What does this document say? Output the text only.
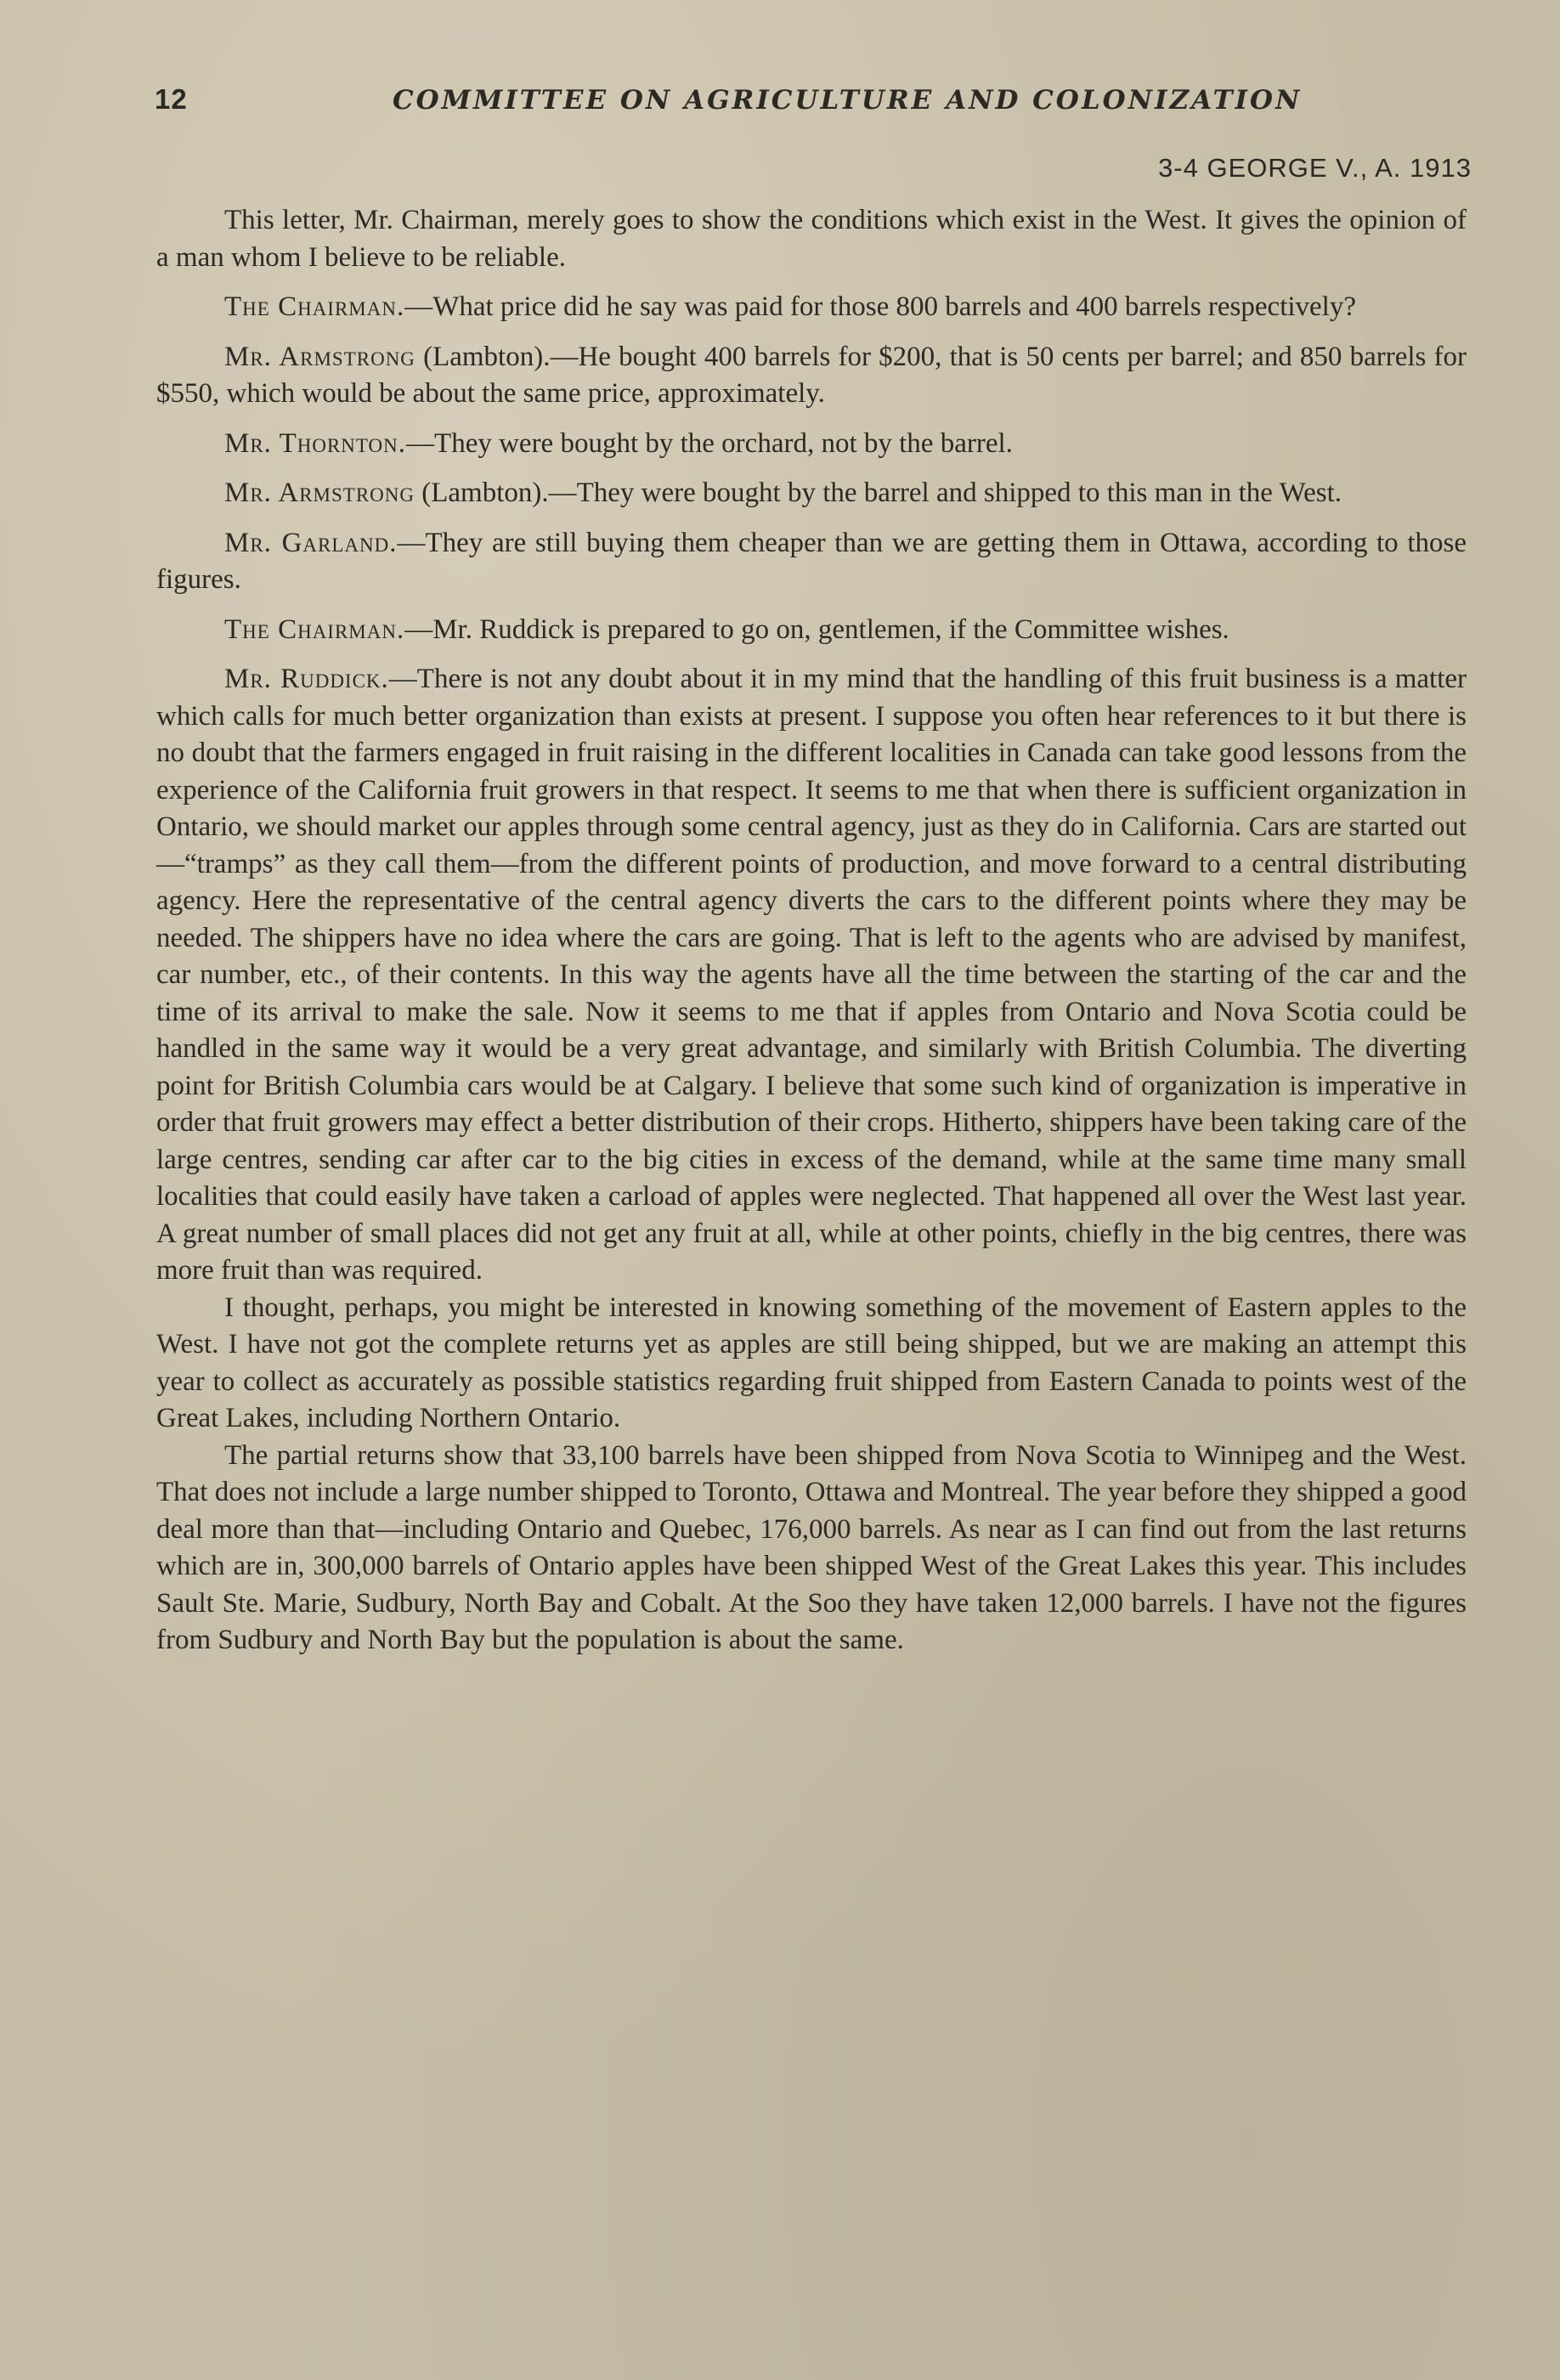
12	COMMITTEE ON AGRICULTURE AND COLONIZATION
3-4 GEORGE V., A. 1913

This letter, Mr. Chairman, merely goes to show the conditions which exist in the West. It gives the opinion of a man whom I believe to be reliable.

The Chairman.—What price did he say was paid for those 800 barrels and 400 barrels respectively?

Mr. Armstrong (Lambton).—He bought 400 barrels for $200, that is 50 cents per barrel; and 850 barrels for $550, which would be about the same price, approximately.

Mr. Thornton.—They were bought by the orchard, not by the barrel.

Mr. Armstrong (Lambton).—They were bought by the barrel and shipped to this man in the West.

Mr. Garland.—They are still buying them cheaper than we are getting them in Ottawa, according to those figures.

The Chairman.—Mr. Ruddick is prepared to go on, gentlemen, if the Committee wishes.

Mr. Ruddick.—There is not any doubt about it in my mind that the handling of this fruit business is a matter which calls for much better organization than exists at present. I suppose you often hear references to it but there is no doubt that the farmers engaged in fruit raising in the different localities in Canada can take good lessons from the experience of the California fruit growers in that respect. It seems to me that when there is sufficient organization in Ontario, we should market our apples through some central agency, just as they do in California. Cars are started out—“tramps” as they call them—from the different points of production, and move forward to a central distributing agency. Here the representative of the central agency diverts the cars to the different points where they may be needed. The shippers have no idea where the cars are going. That is left to the agents who are advised by manifest, car number, etc., of their contents. In this way the agents have all the time between the starting of the car and the time of its arrival to make the sale. Now it seems to me that if apples from Ontario and Nova Scotia could be handled in the same way it would be a very great advantage, and similarly with British Columbia. The diverting point for British Columbia cars would be at Calgary. I believe that some such kind of organization is imperative in order that fruit growers may effect a better distribution of their crops. Hitherto, shippers have been taking care of the large centres, sending car after car to the big cities in excess of the demand, while at the same time many small localities that could easily have taken a carload of apples were neglected. That happened all over the West last year. A great number of small places did not get any fruit at all, while at other points, chiefly in the big centres, there was more fruit than was required.

I thought, perhaps, you might be interested in knowing something of the movement of Eastern apples to the West. I have not got the complete returns yet as apples are still being shipped, but we are making an attempt this year to collect as accurately as possible statistics regarding fruit shipped from Eastern Canada to points west of the Great Lakes, including Northern Ontario.

The partial returns show that 33,100 barrels have been shipped from Nova Scotia to Winnipeg and the West. That does not include a large number shipped to Toronto, Ottawa and Montreal. The year before they shipped a good deal more than that—including Ontario and Quebec, 176,000 barrels. As near as I can find out from the last returns which are in, 300,000 barrels of Ontario apples have been shipped West of the Great Lakes this year. This includes Sault Ste. Marie, Sudbury, North Bay and Cobalt. At the Soo they have taken 12,000 barrels. I have not the figures from Sudbury and North Bay but the population is about the same.
